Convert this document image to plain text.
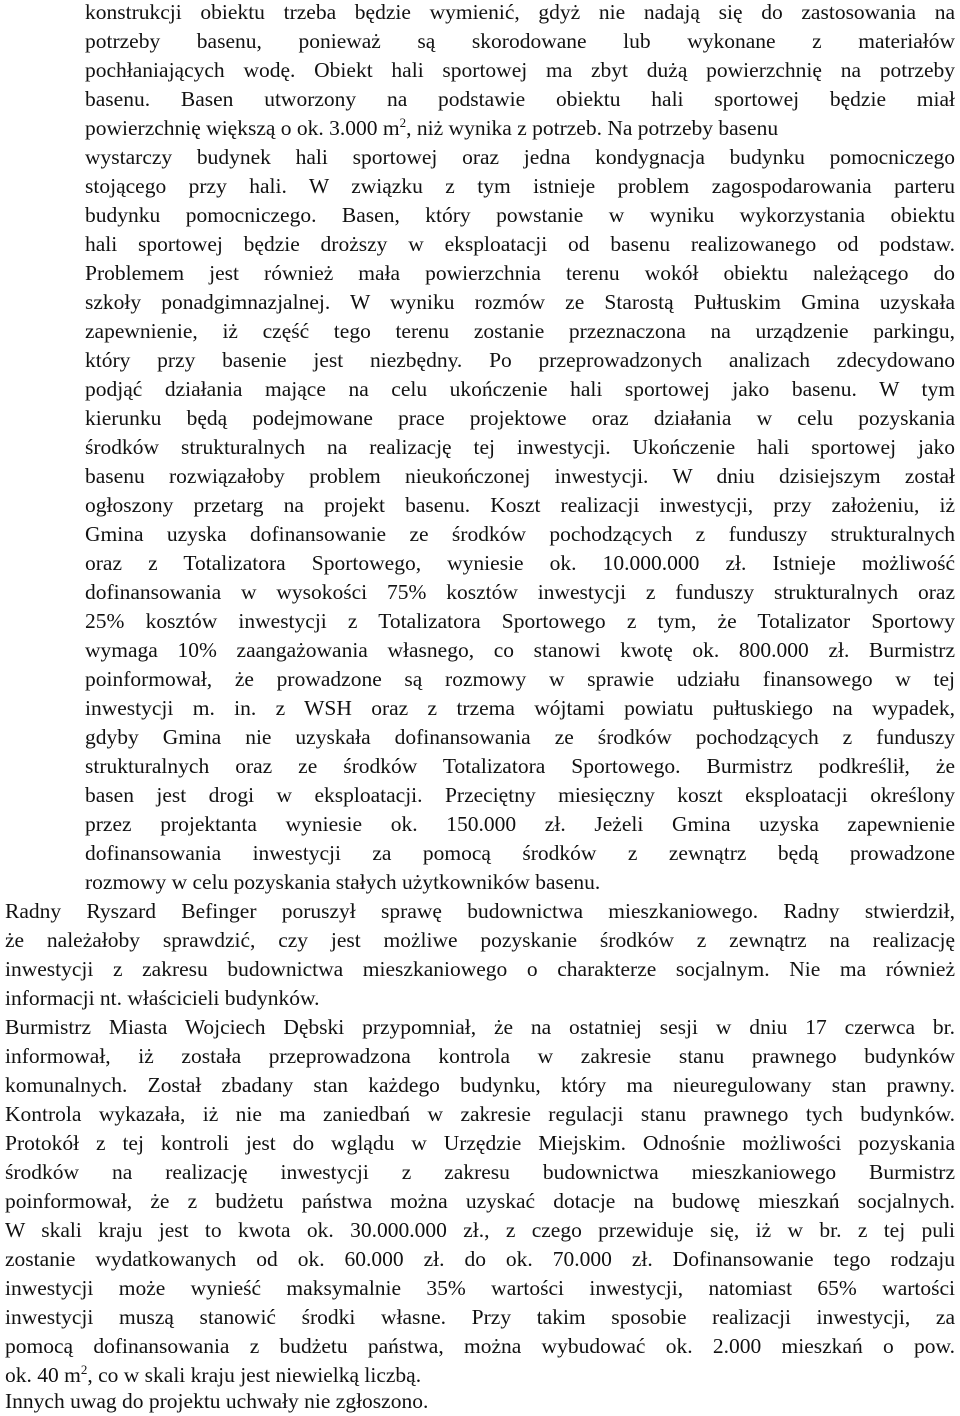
konstrukcji obiektu trzeba będzie wymienić, gdyż nie nadają się do zastosowania na
potrzeby basenu, ponieważ są skorodowane lub wykonane z materiałów
pochłaniających wodę. Obiekt hali sportowej ma zbyt dużą powierzchnię na potrzeby
basenu. Basen utworzony na podstawie obiektu hali sportowej będzie miał
powierzchnię większą o ok. 3.000 $m^2$, niż wynika z potrzeb. Na potrzeby basenu
wystarczy budynek hali sportowej oraz jedna kondygnacja budynku pomocniczego
stojącego przy hali. W związku z tym istnieje problem zagospodarowania parteru
budynku pomocniczego. Basen, który powstanie w wyniku wykorzystania obiektu
hali sportowej będzie droższy w eksploatacji od basenu realizowanego od podstaw.
Problemem jest również mała powierzchnia terenu wokół obiektu należącego do
szkoły ponadgimnazjalnej. W wyniku rozmów ze Starostą Pułtuskim Gmina uzyskała
zapewnienie, iż część tego terenu zostanie przeznaczona na urządzenie parkingu,
który przy basenie jest niezbędny. Po przeprowadzonych analizach zdecydowano
podjąć działania mające na celu ukończenie hali sportowej jako basenu. W tym
kierunku będą podejmowane prace projektowe oraz działania w celu pozyskania
środków strukturalnych na realizację tej inwestycji. Ukończenie hali sportowej jako
basenu rozwiązałoby problem nieukończonej inwestycji. W dniu dzisiejszym został
ogłoszony przetarg na projekt basenu. Koszt realizacji inwestycji, przy założeniu, iż
Gmina uzyska dofinansowanie ze środków pochodzących z funduszy strukturalnych
oraz z Totalizatora Sportowego, wyniesie ok. 10.000.000 zł. Istnieje możliwość
dofinansowania w wysokości 75% kosztów inwestycji z funduszy strukturalnych oraz
25% kosztów inwestycji z Totalizatora Sportowego z tym, że Totalizator Sportowy
wymaga 10% zaangażowania własnego, co stanowi kwotę ok. 800.000 zł. Burmistrz
poinformował, że prowadzone są rozmowy w sprawie udziału finansowego w tej
inwestycji m. in. z WSH oraz z trzema wójtami powiatu pułtuskiego na wypadek,
gdyby Gmina nie uzyskała dofinansowania ze środków pochodzących z funduszy
strukturalnych oraz ze środków Totalizatora Sportowego. Burmistrz podkreślił, że
basen jest drogi w eksploatacji. Przeciętny miesięczny koszt eksploatacji określony
przez projektanta wyniesie ok. 150.000 zł. Jeżeli Gmina uzyska zapewnienie
dofinansowania inwestycji za pomocą środków z zewnątrz będą prowadzone
rozmowy w celu pozyskania stałych użytkowników basenu.
Radny Ryszard Befinger poruszył sprawę budownictwa mieszkaniowego. Radny stwierdził,
że należałoby sprawdzić, czy jest możliwe pozyskanie środków z zewnątrz na realizację
inwestycji z zakresu budownictwa mieszkaniowego o charakterze socjalnym. Nie ma również
informacji nt. właścicieli budynków.
Burmistrz Miasta Wojciech Dębski przypomniał, że na ostatniej sesji w dniu 17 czerwca br.
informował, iż została przeprowadzona kontrola w zakresie stanu prawnego budynków
komunalnych. Został zbadany stan każdego budynku, który ma nieuregulowany stan prawny.
Kontrola wykazała, iż nie ma zaniedbań w zakresie regulacji stanu prawnego tych budynków.
Protokół z tej kontroli jest do wglądu w Urzędzie Miejskim. Odnośnie możliwości pozyskania
środków na realizację inwestycji z zakresu budownictwa mieszkaniowego Burmistrz
poinformował, że z budżetu państwa można uzyskać dotacje na budowę mieszkań socjalnych.
W skali kraju jest to kwota ok. 30.000.000 zł., z czego przewiduje się, iż w br. z tej puli
zostanie wydatkowanych od ok. 60.000 zł. do ok. 70.000 zł. Dofinansowanie tego rodzaju
inwestycji może wynieść maksymalnie 35% wartości inwestycji, natomiast 65% wartości
inwestycji muszą stanowić środki własne. Przy takim sposobie realizacji inwestycji, za
pomocą dofinansowania z budżetu państwa, można wybudować ok. 2.000 mieszkań o pow.
ok. 40 $m^2$, co w skali kraju jest niewielką liczbą.
Innych uwag do projektu uchwały nie zgłoszono.
